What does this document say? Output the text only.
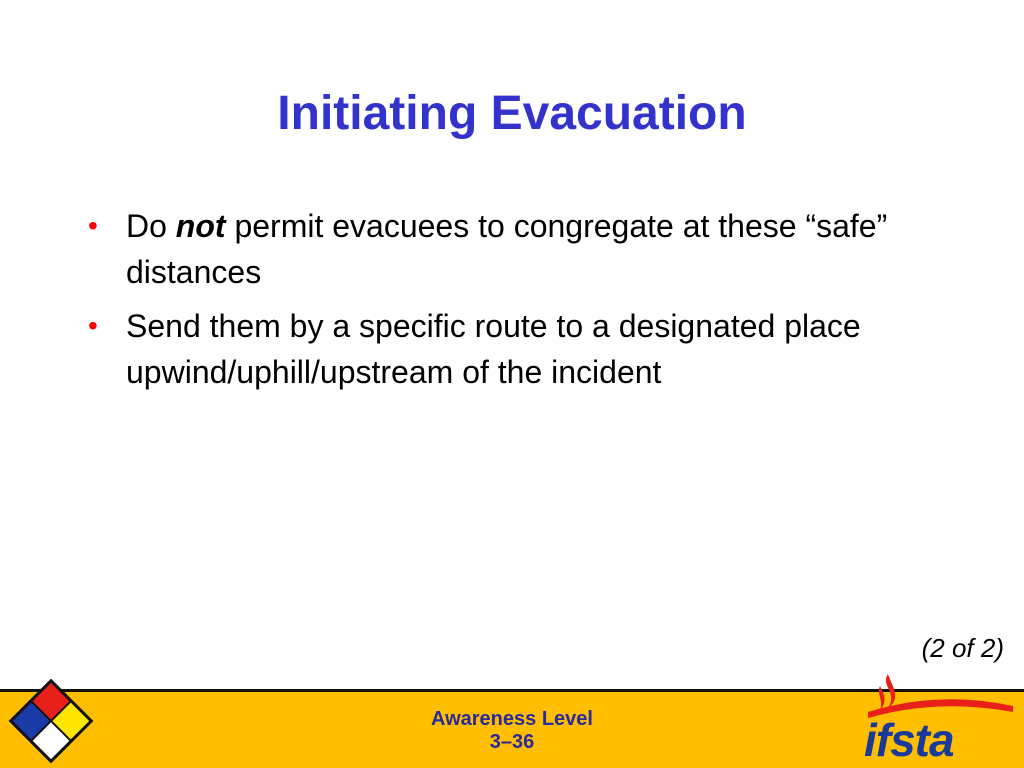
Initiating Evacuation
• Do not permit evacuees to congregate at these “safe” distances
• Send them by a specific route to a designated place upwind/uphill/upstream of the incident
(2 of 2)
Awareness Level
3–36	ifsta
